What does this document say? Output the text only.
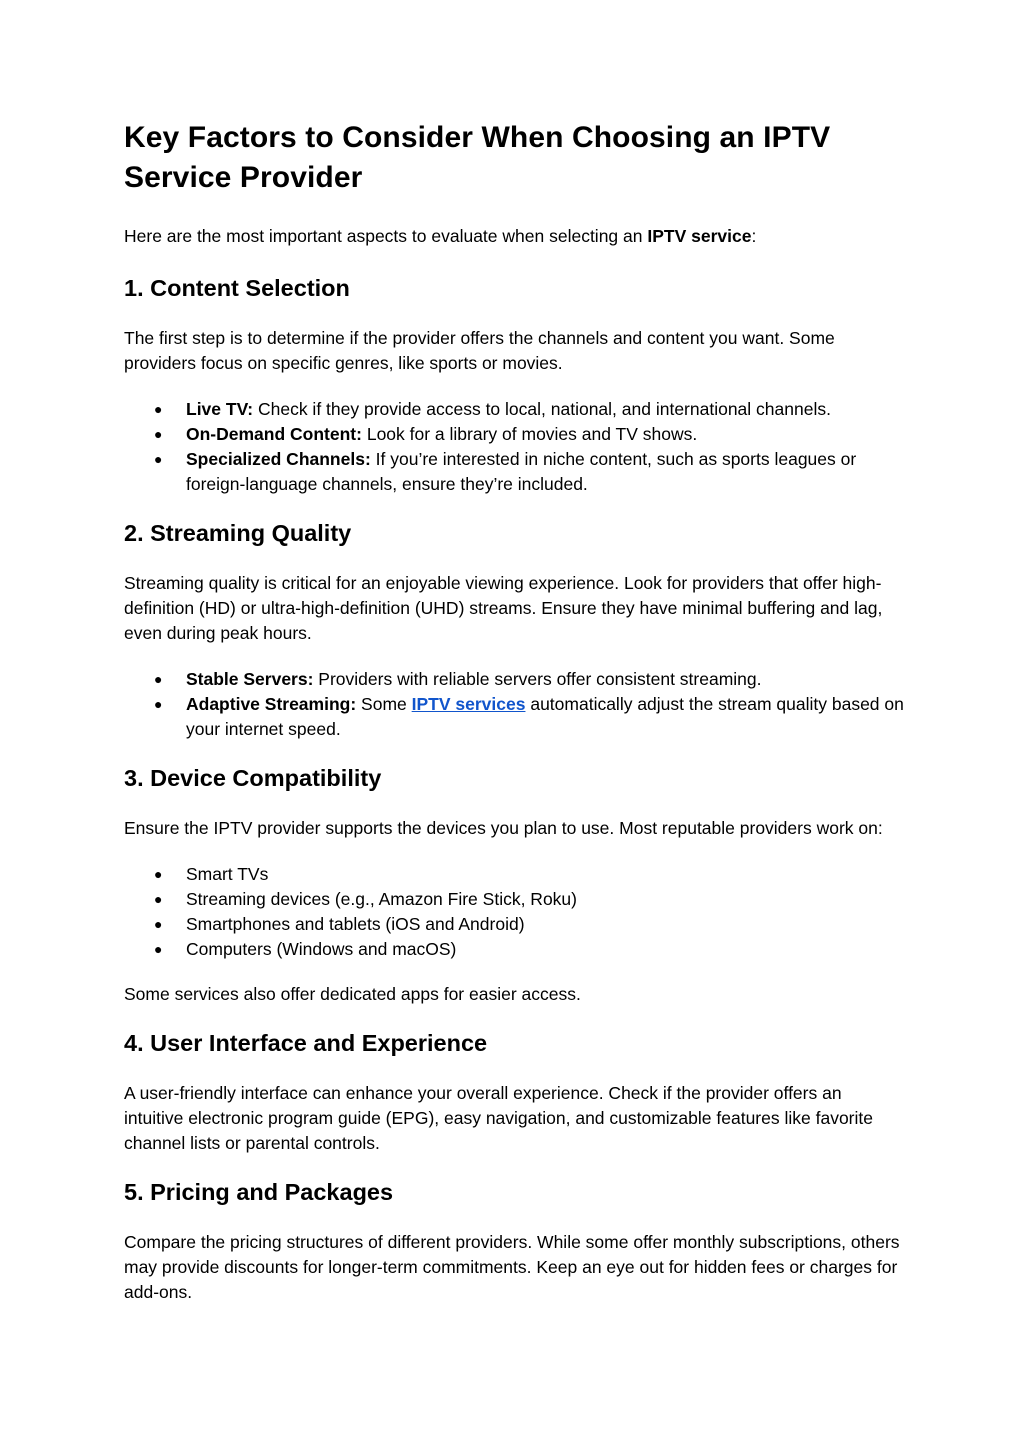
Key Factors to Consider When Choosing an IPTV Service Provider

Here are the most important aspects to evaluate when selecting an IPTV service:

1. Content Selection

The first step is to determine if the provider offers the channels and content you want. Some providers focus on specific genres, like sports or movies.

● Live TV: Check if they provide access to local, national, and international channels.
● On-Demand Content: Look for a library of movies and TV shows.
● Specialized Channels: If you’re interested in niche content, such as sports leagues or foreign-language channels, ensure they’re included.
2. Streaming Quality

Streaming quality is critical for an enjoyable viewing experience. Look for providers that offer high-definition (HD) or ultra-high-definition (UHD) streams. Ensure they have minimal buffering and lag, even during peak hours.

● Stable Servers: Providers with reliable servers offer consistent streaming.
● Adaptive Streaming: Some IPTV services automatically adjust the stream quality based on your internet speed.
3. Device Compatibility

Ensure the IPTV provider supports the devices you plan to use. Most reputable providers work on:

● Smart TVs
● Streaming devices (e.g., Amazon Fire Stick, Roku)
● Smartphones and tablets (iOS and Android)
● Computers (Windows and macOS)

Some services also offer dedicated apps for easier access.

4. User Interface and Experience

A user-friendly interface can enhance your overall experience. Check if the provider offers an intuitive electronic program guide (EPG), easy navigation, and customizable features like favorite channel lists or parental controls.

5. Pricing and Packages

Compare the pricing structures of different providers. While some offer monthly subscriptions, others may provide discounts for longer-term commitments. Keep an eye out for hidden fees or charges for add-ons.
